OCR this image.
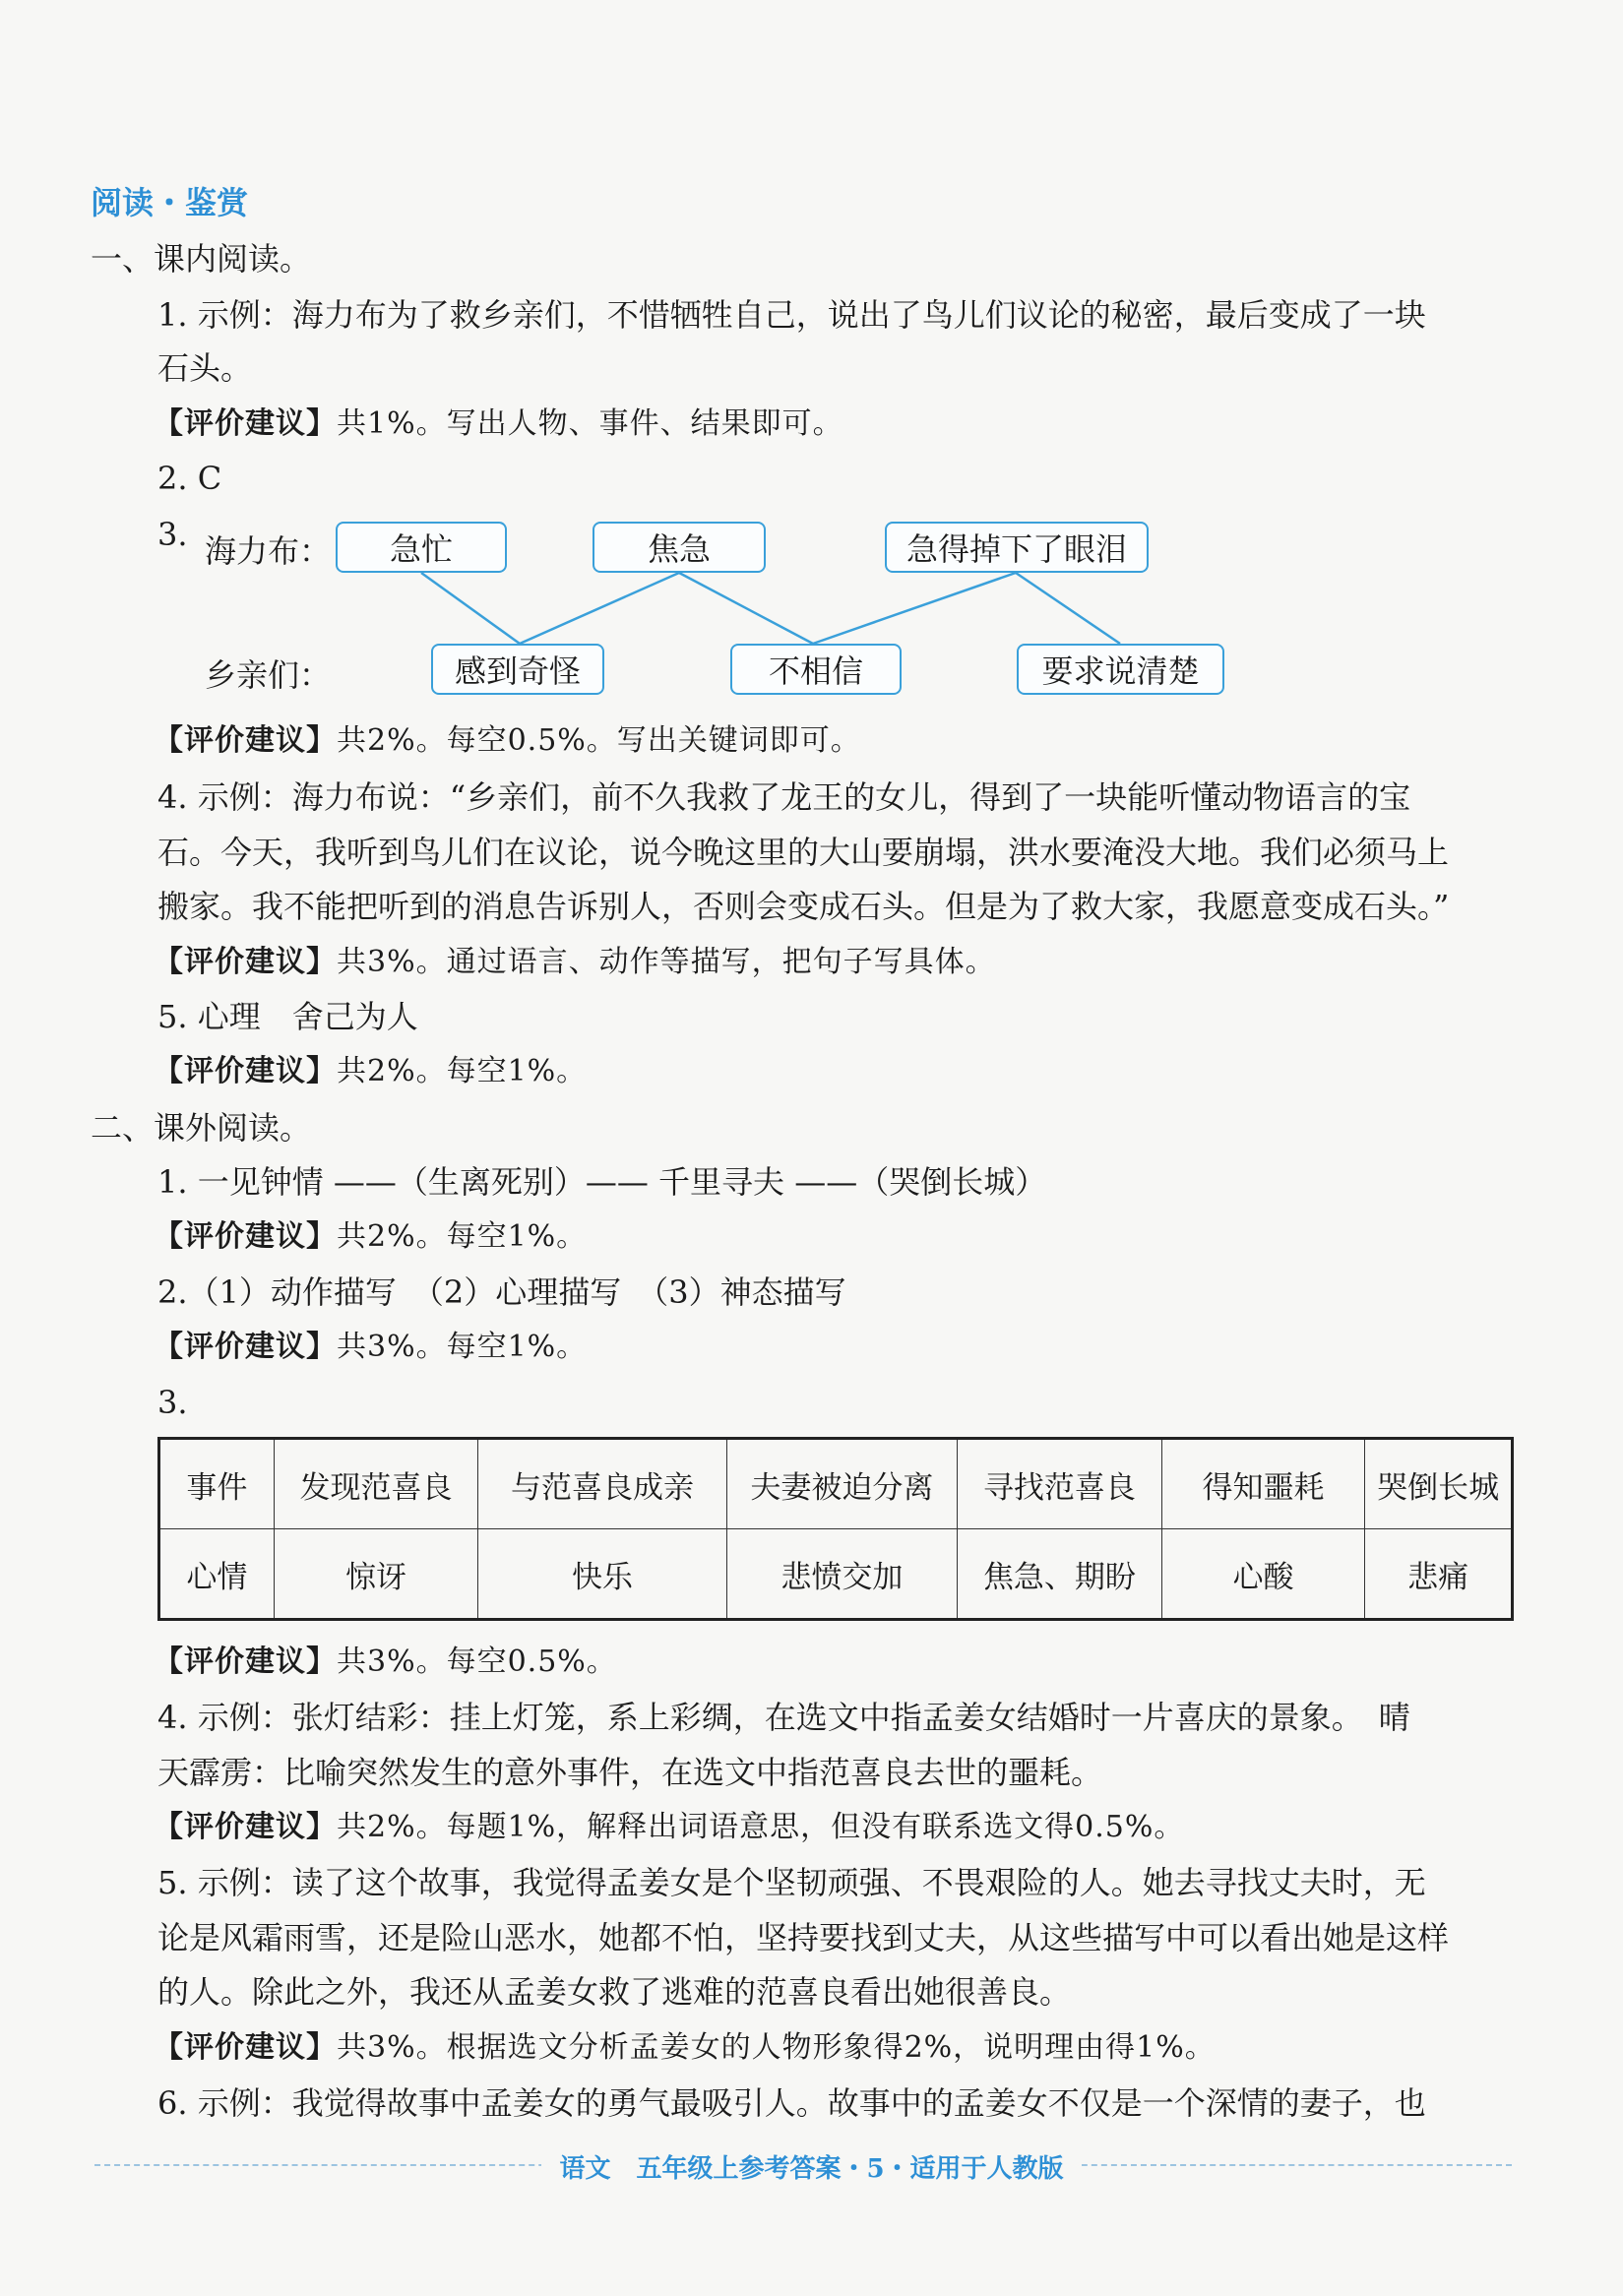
阅读・鉴赏
一、课内阅读。
1. 示例：海力布为了救乡亲们，不惜牺牲自己，说出了鸟儿们议论的秘密，最后变成了一块
石头。
【评价建议】共1%。写出人物、事件、结果即可。
2. C
3. 海力布：
乡亲们：
急忙	焦急	急得掉下了眼泪
感到奇怪	不相信	要求说清楚
【评价建议】共2%。每空0.5%。写出关键词即可。
4. 示例：海力布说：“乡亲们，前不久我救了龙王的女儿，得到了一块能听懂动物语言的宝
石。今天，我听到鸟儿们在议论，说今晚这里的大山要崩塌，洪水要淹没大地。我们必须马上
搬家。我不能把听到的消息告诉别人，否则会变成石头。但是为了救大家，我愿意变成石头。”
【评价建议】共3%。通过语言、动作等描写，把句子写具体。
5. 心理　舍己为人
【评价建议】共2%。每空1%。
二、课外阅读。
1. 一见钟情 ——（生离死别）—— 千里寻夫 ——（哭倒长城）
【评价建议】共2%。每空1%。
2.（1）动作描写　（2）心理描写　（3）神态描写
【评价建议】共3%。每空1%。
3.
事件	发现范喜良	与范喜良成亲	夫妻被迫分离	寻找范喜良	得知噩耗	哭倒长城
心情	惊讶	快乐	悲愤交加	焦急、期盼	心酸	悲痛
【评价建议】共3%。每空0.5%。
4. 示例：张灯结彩：挂上灯笼，系上彩绸，在选文中指孟姜女结婚时一片喜庆的景象。　晴
天霹雳：比喻突然发生的意外事件，在选文中指范喜良去世的噩耗。
【评价建议】共2%。每题1%，解释出词语意思，但没有联系选文得0.5%。
5. 示例：读了这个故事，我觉得孟姜女是个坚韧顽强、不畏艰险的人。她去寻找丈夫时，无
论是风霜雨雪，还是险山恶水，她都不怕，坚持要找到丈夫，从这些描写中可以看出她是这样
的人。除此之外，我还从孟姜女救了逃难的范喜良看出她很善良。
【评价建议】共3%。根据选文分析孟姜女的人物形象得2%，说明理由得1%。
6. 示例：我觉得故事中孟姜女的勇气最吸引人。故事中的孟姜女不仅是一个深情的妻子，也
语文　五年级上参考答案・5・适用于人教版
